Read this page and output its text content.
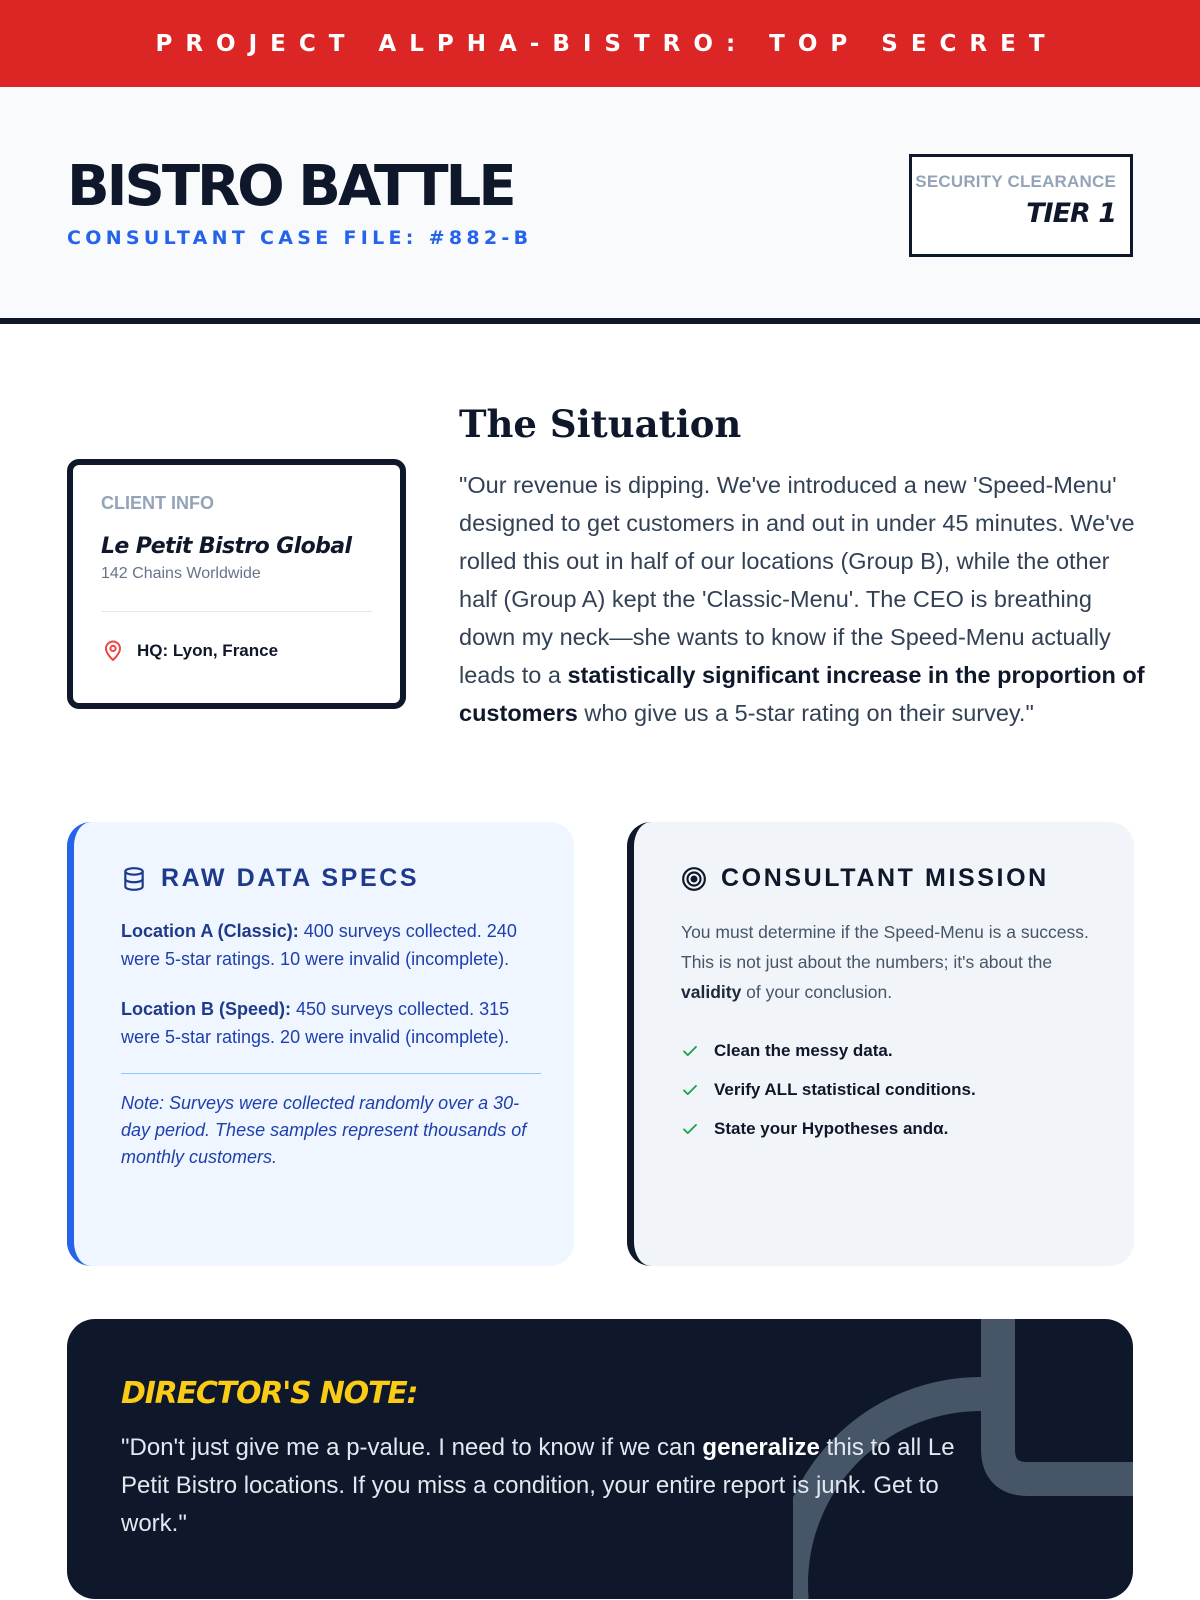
PROJECT ALPHA-BISTRO: TOP SECRET
BISTRO BATTLE
CONSULTANT CASE FILE: #882-B
SECURITY CLEARANCE
TIER 1
CLIENT INFO
Le Petit Bistro Global
142 Chains Worldwide
HQ: Lyon, France
The Situation
"Our revenue is dipping. We've introduced a new 'Speed-Menu' designed to get customers in and out in under 45 minutes. We've rolled this out in half of our locations (Group B), while the other half (Group A) kept the 'Classic-Menu'. The CEO is breathing down my neck—she wants to know if the Speed-Menu actually leads to a statistically significant increase in the proportion of customers who give us a 5-star rating on their survey."
RAW DATA SPECS

Location A (Classic): 400 surveys collected. 240 were 5-star ratings. 10 were invalid (incomplete).

Location B (Speed): 450 surveys collected. 315 were 5-star ratings. 20 were invalid (incomplete).

Note: Surveys were collected randomly over a 30-day period. These samples represent thousands of monthly customers.

CONSULTANT MISSION

You must determine if the Speed-Menu is a success. This is not just about the numbers; it's about the validity of your conclusion.

Clean the messy data.
Verify ALL statistical conditions.
State your Hypotheses andα.
DIRECTOR'S NOTE:

"Don't just give me a p-value. I need to know if we can generalize this to all Le Petit Bistro locations. If you miss a condition, your entire report is junk. Get to work."
